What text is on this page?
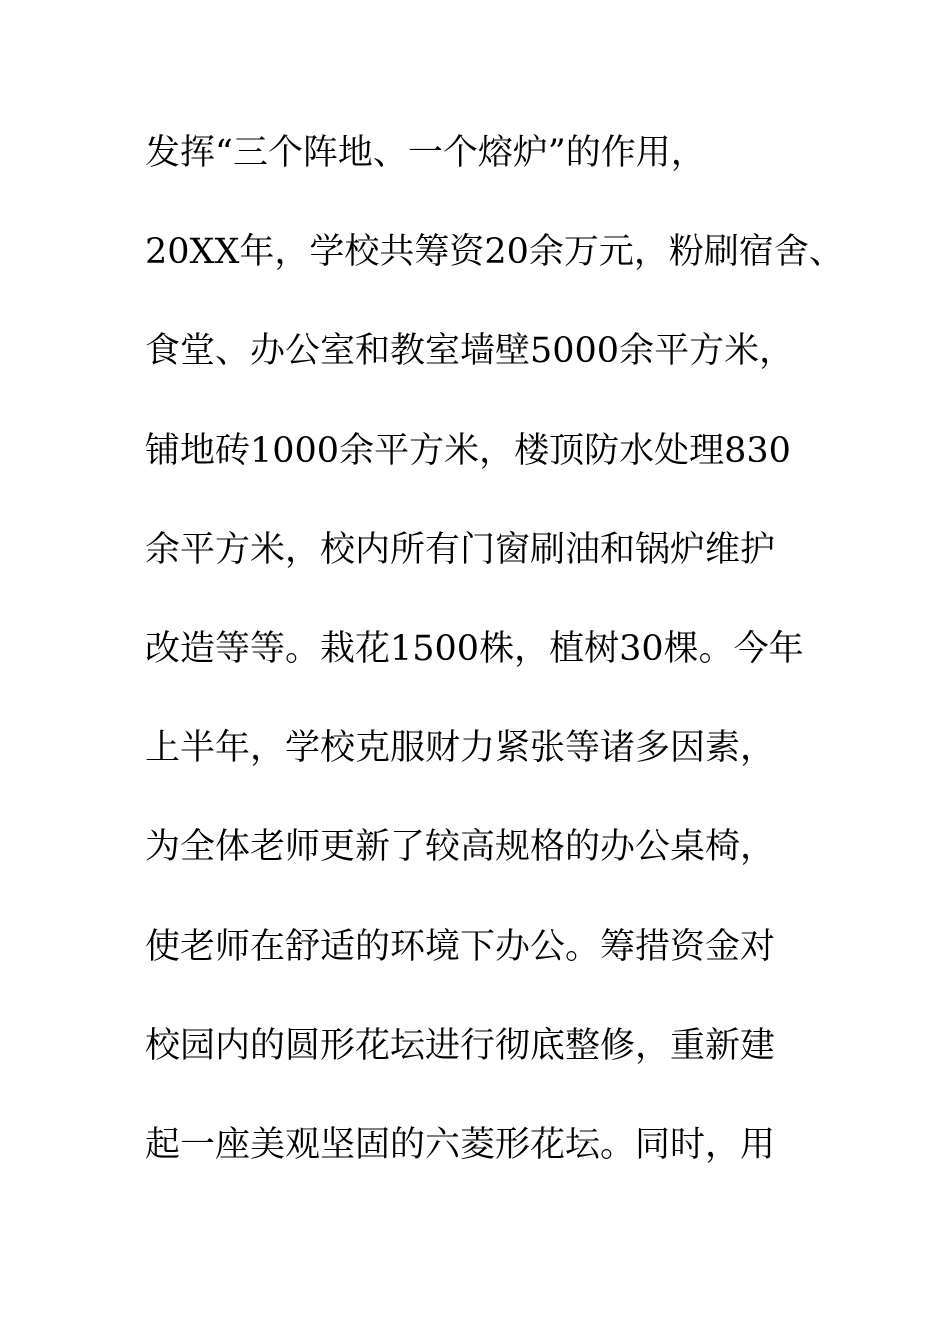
发挥“三个阵地、一个熔炉”的作用，
20XX年，学校共筹资20余万元，粉刷宿舍、
食堂、办公室和教室墙壁5000余平方米，
铺地砖1000余平方米，楼顶防水处理830
余平方米，校内所有门窗刷油和锅炉维护
改造等等。栽花1500株，植树30棵。今年
上半年，学校克服财力紧张等诸多因素，
为全体老师更新了较高规格的办公桌椅，
使老师在舒适的环境下办公。筹措资金对
校园内的圆形花坛进行彻底整修，重新建
起一座美观坚固的六菱形花坛。同时，用
